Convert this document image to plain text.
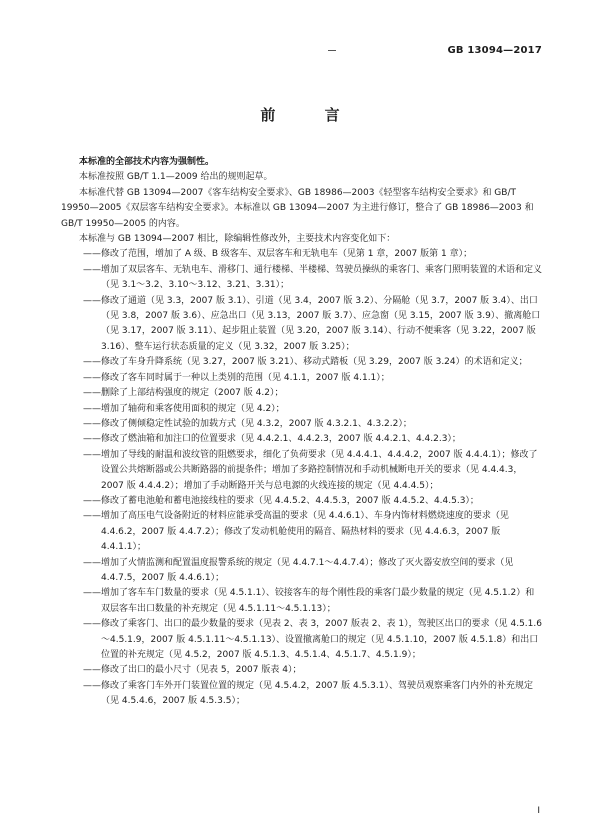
GB 13094—2017
前 言

本标准的全部技术内容为强制性。

本标准按照 GB/T 1.1—2009 给出的规则起草。

本标准代替 GB 13094—2007《客车结构安全要求》、GB 18986—2003《轻型客车结构安全要求》和 GB/T 19950—2005《双层客车结构安全要求》。本标准以 GB 13094—2007 为主进行修订，整合了 GB 18986—2003 和 GB/T 19950—2005 的内容。

本标准与 GB 13094—2007 相比，除编辑性修改外，主要技术内容变化如下：

—— 修改了范围，增加了 A 级、B 级客车、双层客车和无轨电车（见第 1 章，2007 版第 1 章）；

—— 增加了双层客车、无轨电车、滑移门、通行楼梯、半楼梯、驾驶员操纵的乘客门、乘客门照明装置的术语和定义（见 3.1～3.2、3.10～3.12、3.21、3.31）；

—— 修改了通道（见 3.3，2007 版 3.1）、引道（见 3.4，2007 版 3.2）、分隔舱（见 3.7，2007 版 3.4）、出口（见 3.8，2007 版 3.6）、应急出口（见 3.13，2007 版 3.7）、应急窗（见 3.15，2007 版 3.9）、撤离舱口（见 3.17，2007 版 3.11）、起步阻止装置（见 3.20，2007 版 3.14）、行动不便乘客（见 3.22，2007 版 3.16）、整车运行状态质量的定义（见 3.32，2007 版 3.25）；

—— 修改了车身升降系统（见 3.27，2007 版 3.21）、移动式踏板（见 3.29，2007 版 3.24）的术语和定义；

—— 修改了客车同时属于一种以上类别的范围（见 4.1.1，2007 版 4.1.1）；

—— 删除了上部结构强度的规定（2007 版 4.2）；

—— 增加了轴荷和乘客使用面积的规定（见 4.2）；

—— 修改了侧倾稳定性试验的加载方式（见 4.3.2，2007 版 4.3.2.1、4.3.2.2）；

—— 修改了燃油箱和加注口的位置要求（见 4.4.2.1、4.4.2.3，2007 版 4.4.2.1、4.4.2.3）；

—— 增加了导线的耐温和波纹管的阻燃要求，细化了负荷要求（见 4.4.4.1、4.4.4.2，2007 版 4.4.4.1）；修改了设置公共熔断器或公共断路器的前提条件；增加了多路控制情况和手动机械断电开关的要求（见 4.4.4.3，2007 版 4.4.4.2）；增加了手动断路开关与总电源的火线连接的规定（见 4.4.4.5）；

—— 修改了蓄电池舱和蓄电池接线柱的要求（见 4.4.5.2、4.4.5.3，2007 版 4.4.5.2、4.4.5.3）；

—— 增加了高压电气设备附近的材料应能承受高温的要求（见 4.4.6.1）、车身内饰材料燃烧速度的要求（见 4.4.6.2，2007 版 4.4.7.2）；修改了发动机舱使用的隔音、隔热材料的要求（见 4.4.6.3，2007 版 4.4.1.1）；

—— 增加了火情监测和配置温度报警系统的规定（见 4.4.7.1～4.4.7.4）；修改了灭火器安放空间的要求（见 4.4.7.5，2007 版 4.4.6.1）；

—— 增加了客车车门数量的要求（见 4.5.1.1）、铰接客车的每个刚性段的乘客门最少数量的规定（见 4.5.1.2）和双层客车出口数量的补充规定（见 4.5.1.11～4.5.1.13）；

—— 修改了乘客门、出口的最少数量的要求（见表 2、表 3，2007 版表 2、表 1），驾驶区出口的要求（见 4.5.1.6～4.5.1.9，2007 版 4.5.1.11～4.5.1.13）、设置撤离舱口的规定（见 4.5.1.10，2007 版 4.5.1.8）和出口位置的补充规定（见 4.5.2，2007 版 4.5.1.3、4.5.1.4、4.5.1.7、4.5.1.9）；

—— 修改了出口的最小尺寸（见表 5，2007 版表 4）；

—— 修改了乘客门车外开门装置位置的规定（见 4.5.4.2，2007 版 4.5.3.1）、驾驶员观察乘客门内外的补充规定（见 4.5.4.6，2007 版 4.5.3.5）；

I
